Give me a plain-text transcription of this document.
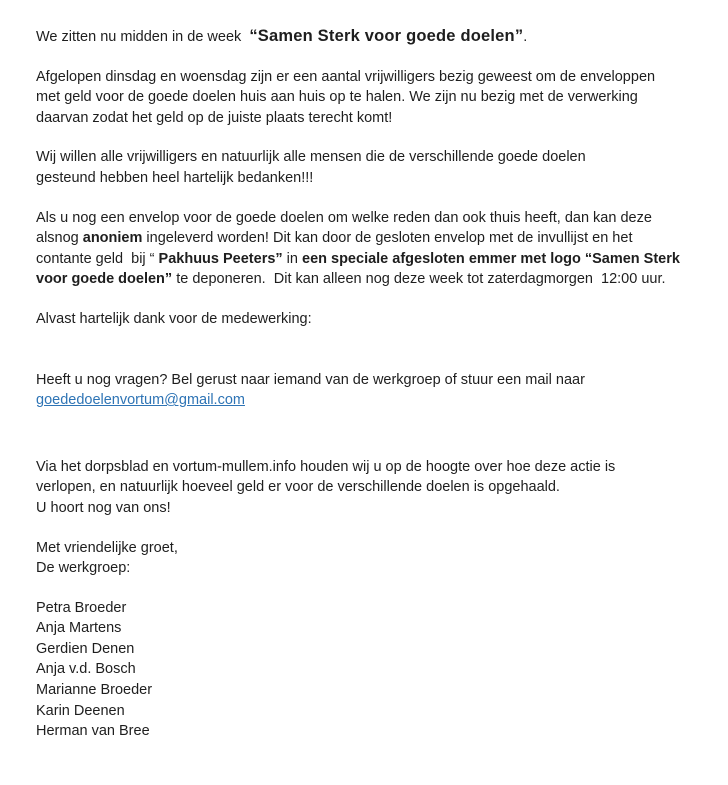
We zitten nu midden in de week  “Samen Sterk voor goede doelen”.
Afgelopen dinsdag en woensdag zijn er een aantal vrijwilligers bezig geweest om de enveloppen
met geld voor de goede doelen huis aan huis op te halen. We zijn nu bezig met de verwerking
daarvan zodat het geld op de juiste plaats terecht komt!
Wij willen alle vrijwilligers en natuurlijk alle mensen die de verschillende goede doelen
gesteund hebben heel hartelijk bedanken!!!
Als u nog een envelop voor de goede doelen om welke reden dan ook thuis heeft, dan kan deze
alsnog anoniem ingeleverd worden! Dit kan door de gesloten envelop met de invullijst en het
contante geld  bij “ Pakhuus Peeters” in een speciale afgesloten emmer met logo “Samen Sterk
voor goede doelen” te deponeren.  Dit kan alleen nog deze week tot zaterdagmorgen  12:00 uur.
Alvast hartelijk dank voor de medewerking:
Heeft u nog vragen? Bel gerust naar iemand van de werkgroep of stuur een mail naar
goededoelenvortum@gmail.com
Via het dorpsblad en vortum-mullem.info houden wij u op de hoogte over hoe deze actie is
verlopen, en natuurlijk hoeveel geld er voor de verschillende doelen is opgehaald.
U hoort nog van ons!
Met vriendelijke groet,
De werkgroep:
Petra Broeder
Anja Martens
Gerdien Denen
Anja v.d. Bosch
Marianne Broeder
Karin Deenen
Herman van Bree
